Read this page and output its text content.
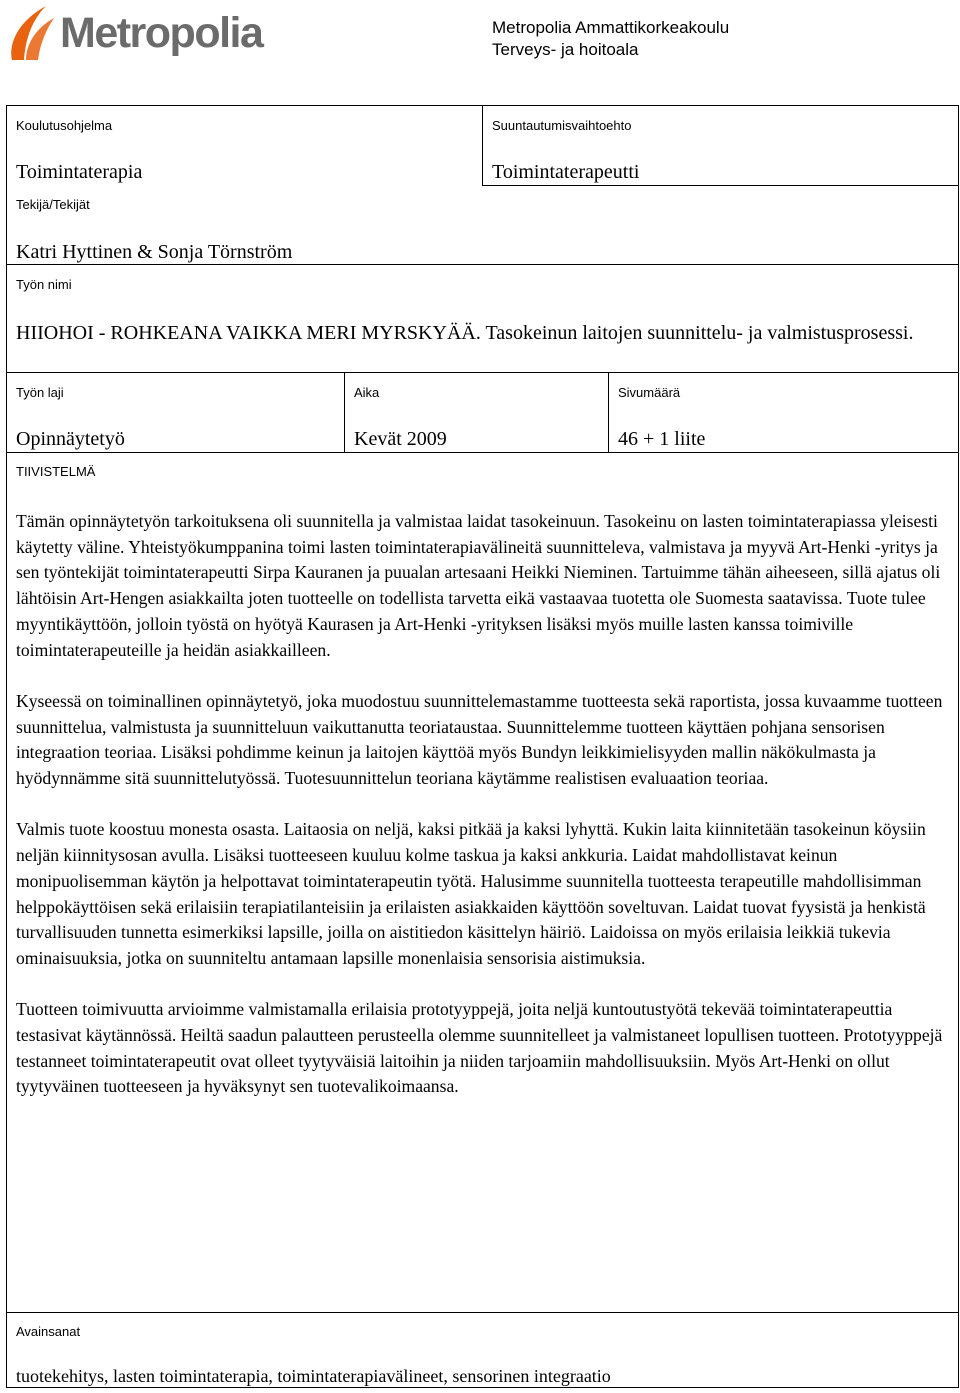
Metropolia	Metropolia Ammattikorkeakoulu
Terveys- ja hoitoala
Koulutusohjelma
Toimintaterapia
Suuntautumisvaihtoehto
Toimintaterapeutti
Tekijä/Tekijät
Katri Hyttinen & Sonja Törnström
Työn nimi
HIIOHOI - ROHKEANA VAIKKA MERI MYRSKYÄÄ. Tasokeinun laitojen suunnittelu- ja valmistusprosessi.
Työn laji
Opinnäytetyö
Aika
Kevät 2009
Sivumäärä
46 + 1 liite
TIIVISTELMÄ

Tämän opinnäytetyön tarkoituksena oli suunnitella ja valmistaa laidat tasokeinuun. Tasokeinu on lasten toimintaterapiassa yleisesti käytetty väline. Yhteistyökumppanina toimi lasten toimintaterapiavälineitä suunnitteleva, valmistava ja myyvä Art-Henki -yritys ja sen työntekijät toimintaterapeutti Sirpa Kauranen ja puualan artesaani Heikki Nieminen. Tartuimme tähän aiheeseen, sillä ajatus oli lähtöisin Art-Hengen asiakkailta joten tuotteelle on todellista tarvetta eikä vastaavaa tuotetta ole Suomesta saatavissa. Tuote tulee myyntikäyttöön, jolloin työstä on hyötyä Kaurasen ja Art-Henki -yrityksen lisäksi myös muille lasten kanssa toimiville toimintaterapeuteille ja heidän asiakkailleen.

Kyseessä on toiminallinen opinnäytetyö, joka muodostuu suunnittelemastamme tuotteesta sekä raportista, jossa kuvaamme tuotteen suunnittelua, valmistusta ja suunnitteluun vaikuttanutta teoriataustaa. Suunnittelemme tuotteen käyttäen pohjana sensorisen integraation teoriaa. Lisäksi pohdimme keinun ja laitojen käyttöä myös Bundyn leikkimielisyyden mallin näkökulmasta ja hyödynnämme sitä suunnittelutyössä. Tuotesuunnittelun teoriana käytämme realistisen evaluaation teoriaa.

Valmis tuote koostuu monesta osasta. Laitaosia on neljä, kaksi pitkää ja kaksi lyhyttä. Kukin laita kiinnitetään tasokeinun köysiin neljän kiinnitysosan avulla. Lisäksi tuotteeseen kuuluu kolme taskua ja kaksi ankkuria. Laidat mahdollistavat keinun monipuolisemman käytön ja helpottavat toimintaterapeutin työtä. Halusimme suunnitella tuotteesta terapeutille mahdollisimman helppokäyttöisen sekä erilaisiin terapiatilanteisiin ja erilaisten asiakkaiden käyttöön soveltuvan. Laidat tuovat fyysistä ja henkistä turvallisuuden tunnetta esimerkiksi lapsille, joilla on aistitiedon käsittelyn häiriö. Laidoissa on myös erilaisia leikkiä tukevia ominaisuuksia, jotka on suunniteltu antamaan lapsille monenlaisia sensorisia aistimuksia.

Tuotteen toimivuutta arvioimme valmistamalla erilaisia prototyyppejä, joita neljä kuntoutustyötä tekevää toimintaterapeuttia testasivat käytännössä. Heiltä saadun palautteen perusteella olemme suunnitelleet ja valmistaneet lopullisen tuotteen. Prototyyppejä testanneet toimintaterapeutit ovat olleet tyytyväisiä laitoihin ja niiden tarjoamiin mahdollisuuksiin. Myös Art-Henki on ollut tyytyväinen tuotteeseen ja hyväksynyt sen tuotevalikoimaansa.

Avainsanat
tuotekehitys, lasten toimintaterapia, toimintaterapiavälineet, sensorinen integraatio
